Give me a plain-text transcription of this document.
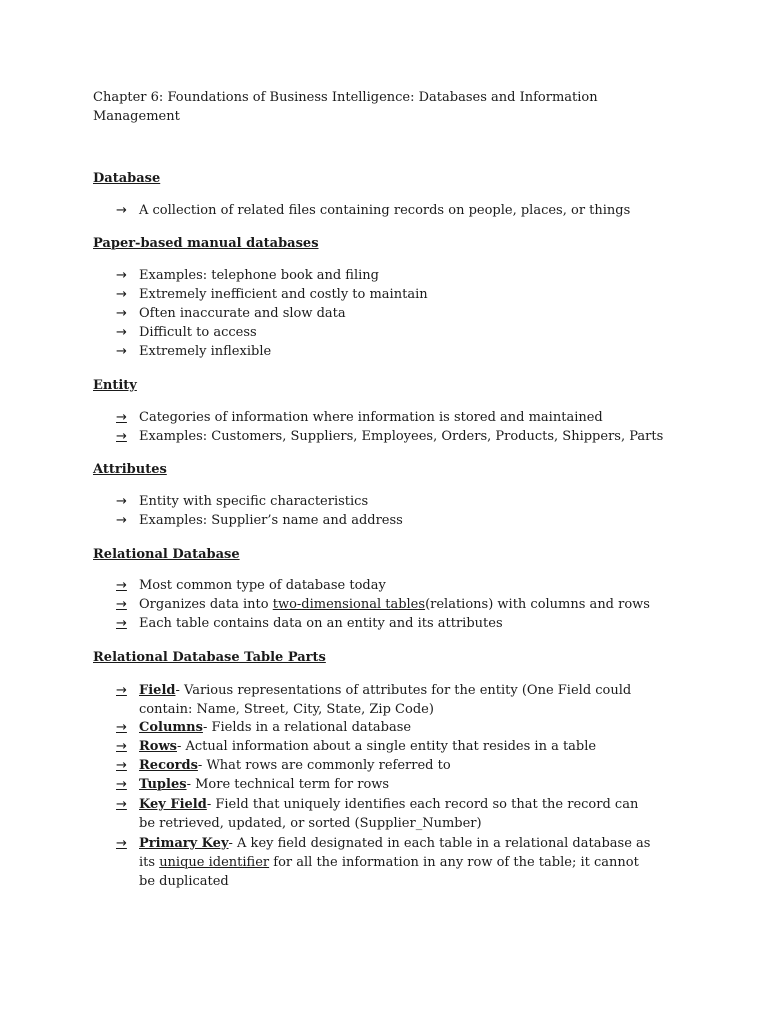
Chapter 6: Foundations of Business Intelligence: Databases and Information Management
Database
→ A collection of related files containing records on people, places, or things
Paper-based manual databases
→ Examples: telephone book and filing
→ Extremely inefficient and costly to maintain
→ Often inaccurate and slow data
→ Difficult to access
→ Extremely inflexible
Entity
→ Categories of information where information is stored and maintained
→ Examples: Customers, Suppliers, Employees, Orders, Products, Shippers, Parts
Attributes
→ Entity with specific characteristics
→ Examples: Supplier’s name and address
Relational Database
→ Most common type of database today
→ Organizes data into two-dimensional tables(relations) with columns and rows
→ Each table contains data on an entity and its attributes
Relational Database Table Parts
→ Field- Various representations of attributes for the entity (One Field could contain: Name, Street, City, State, Zip Code)
→ Columns- Fields in a relational database
→ Rows- Actual information about a single entity that resides in a table
→ Records- What rows are commonly referred to
→ Tuples- More technical term for rows
→ Key Field- Field that uniquely identifies each record so that the record can be retrieved, updated, or sorted (Supplier_Number)
→ Primary Key- A key field designated in each table in a relational database as its unique identifier for all the information in any row of the table; it cannot be duplicated
